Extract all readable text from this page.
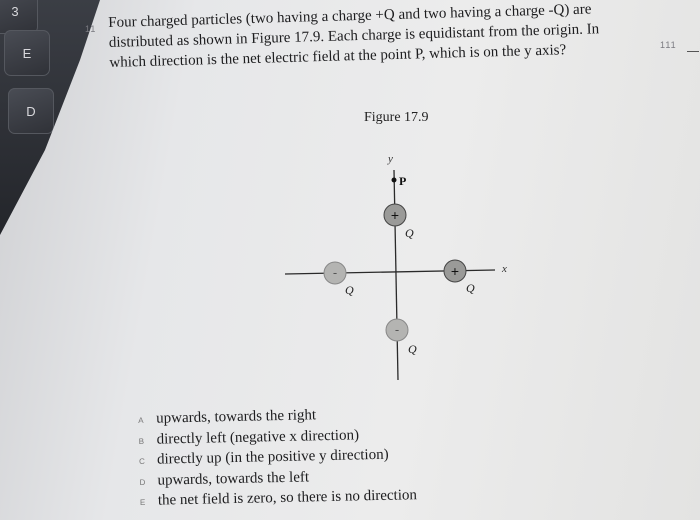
3
E
D
11
111
Four charged particles (two having a charge +Q and two having a charge -Q) are distributed as shown in Figure 17.9. Each charge is equidistant from the origin. In which direction is the net electric field at the point P, which is on the y axis?
Figure 17.9
y
x
P
+
Q
-
Q
+
Q
-
Q
A upwards, towards the right
B directly left (negative x direction)
C directly up (in the positive y direction)
D upwards, towards the left
E the net field is zero, so there is no direction
